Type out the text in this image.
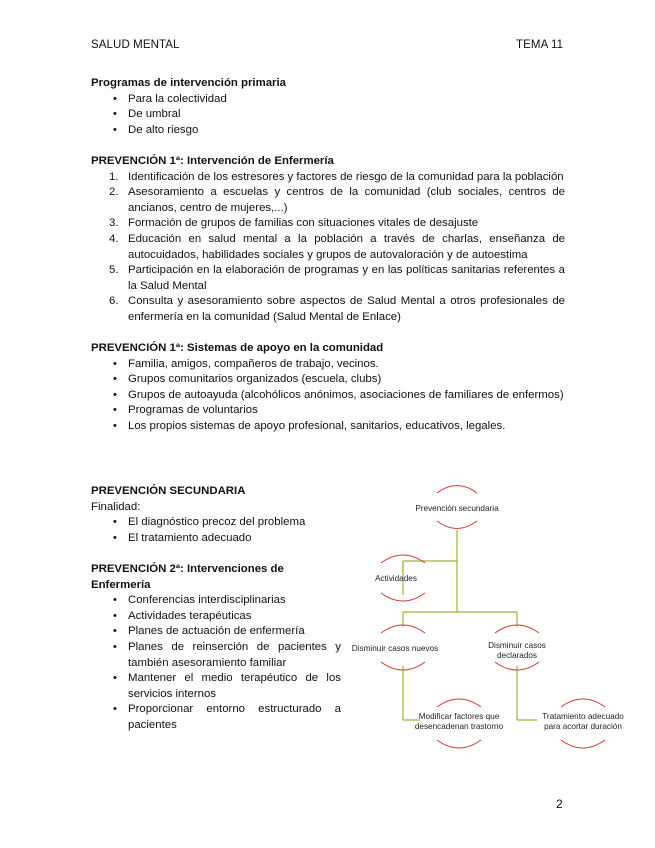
SALUD MENTAL	TEMA 11
Programas de intervención primaria
• Para la colectividad
• De umbral
• De alto riesgo
PREVENCIÓN 1ª: Intervención de Enfermería
1. Identificación de los estresores y factores de riesgo de la comunidad para la población
2. Asesoramiento a escuelas y centros de la comunidad (club sociales, centros de ancianos, centro de mujeres,...)
3. Formación de grupos de familias con situaciones vitales de desajuste
4. Educación en salud mental a la población a través de charlas, enseñanza de autocuidados, habilidades sociales y grupos de autovaloración y de autoestima
5. Participación en la elaboración de programas y en las políticas sanitarias referentes a la Salud Mental
6. Consulta y asesoramiento sobre aspectos de Salud Mental a otros profesionales de enfermería en la comunidad (Salud Mental de Enlace)
PREVENCIÓN 1ª: Sistemas de apoyo en la comunidad
• Familia, amigos, compañeros de trabajo, vecinos.
• Grupos comunitarios organizados (escuela, clubs)
• Grupos de autoayuda (alcohólicos anónimos, asociaciones de familiares de enfermos)
• Programas de voluntarios
• Los propios sistemas de apoyo profesional, sanitarios, educativos, legales.
PREVENCIÓN SECUNDARIA
Finalidad:
• El diagnóstico precoz del problema
• El tratamiento adecuado
PREVENCIÓN 2ª: Intervenciones de Enfermería
• Conferencias interdisciplinarias
• Actividades terapéuticas
• Planes de actuación de enfermería
• Planes de reinserción de pacientes y también asesoramiento familiar
• Mantener el medio terapéutico de los servicios internos
• Proporcionar entorno estructurado a pacientes
Prevención secundaria
Actividades
Disminuir casos nuevos	Disminuir casos
declarados
Modificar factores que
desencadenan trastorno
Tratamiento adecuado
para acortar duración
2
